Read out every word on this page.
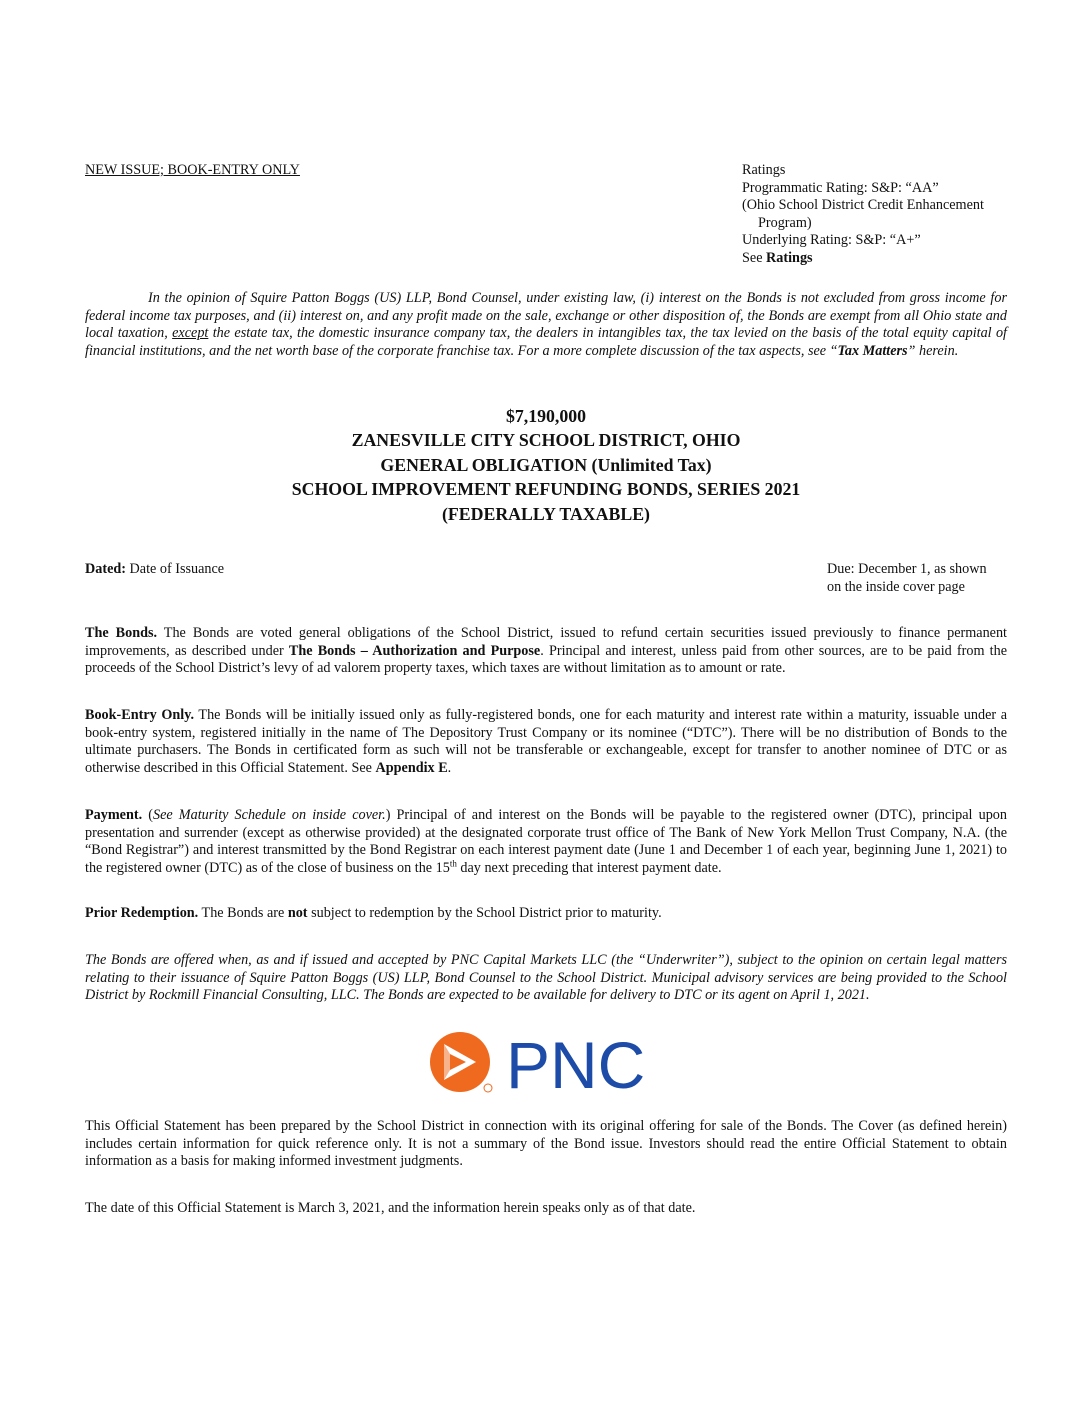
NEW ISSUE; BOOK-ENTRY ONLY	Ratings
Programmatic Rating: S&P: “AA”
(Ohio School District Credit Enhancement
Program)
Underlying Rating: S&P: “A+”
See Ratings
In the opinion of Squire Patton Boggs (US) LLP, Bond Counsel, under existing law, (i) interest on the Bonds is not excluded from gross income for federal income tax purposes, and (ii) interest on, and any profit made on the sale, exchange or other disposition of, the Bonds are exempt from all Ohio state and local taxation, except the estate tax, the domestic insurance company tax, the dealers in intangibles tax, the tax levied on the basis of the total equity capital of financial institutions, and the net worth base of the corporate franchise tax. For a more complete discussion of the tax aspects, see “Tax Matters” herein.
$7,190,000
ZANESVILLE CITY SCHOOL DISTRICT, OHIO
GENERAL OBLIGATION (Unlimited Tax)
SCHOOL IMPROVEMENT REFUNDING BONDS, SERIES 2021
(FEDERALLY TAXABLE)
Dated: Date of Issuance	Due: December 1, as shown
on the inside cover page
The Bonds. The Bonds are voted general obligations of the School District, issued to refund certain securities issued previously to finance permanent improvements, as described under The Bonds – Authorization and Purpose. Principal and interest, unless paid from other sources, are to be paid from the proceeds of the School District’s levy of ad valorem property taxes, which taxes are without limitation as to amount or rate.
Book-Entry Only. The Bonds will be initially issued only as fully-registered bonds, one for each maturity and interest rate within a maturity, issuable under a book-entry system, registered initially in the name of The Depository Trust Company or its nominee (“DTC”). There will be no distribution of Bonds to the ultimate purchasers. The Bonds in certificated form as such will not be transferable or exchangeable, except for transfer to another nominee of DTC or as otherwise described in this Official Statement. See Appendix E.
Payment. (See Maturity Schedule on inside cover.) Principal of and interest on the Bonds will be payable to the registered owner (DTC), principal upon presentation and surrender (except as otherwise provided) at the designated corporate trust office of The Bank of New York Mellon Trust Company, N.A. (the “Bond Registrar”) and interest transmitted by the Bond Registrar on each interest payment date (June 1 and December 1 of each year, beginning June 1, 2021) to the registered owner (DTC) as of the close of business on the 15th day next preceding that interest payment date.
Prior Redemption. The Bonds are not subject to redemption by the School District prior to maturity.
The Bonds are offered when, as and if issued and accepted by PNC Capital Markets LLC (the “Underwriter”), subject to the opinion on certain legal matters relating to their issuance of Squire Patton Boggs (US) LLP, Bond Counsel to the School District. Municipal advisory services are being provided to the School District by Rockmill Financial Consulting, LLC. The Bonds are expected to be available for delivery to DTC or its agent on April 1, 2021.
PNC
This Official Statement has been prepared by the School District in connection with its original offering for sale of the Bonds. The Cover (as defined herein) includes certain information for quick reference only. It is not a summary of the Bond issue. Investors should read the entire Official Statement to obtain information as a basis for making informed investment judgments.
The date of this Official Statement is March 3, 2021, and the information herein speaks only as of that date.
